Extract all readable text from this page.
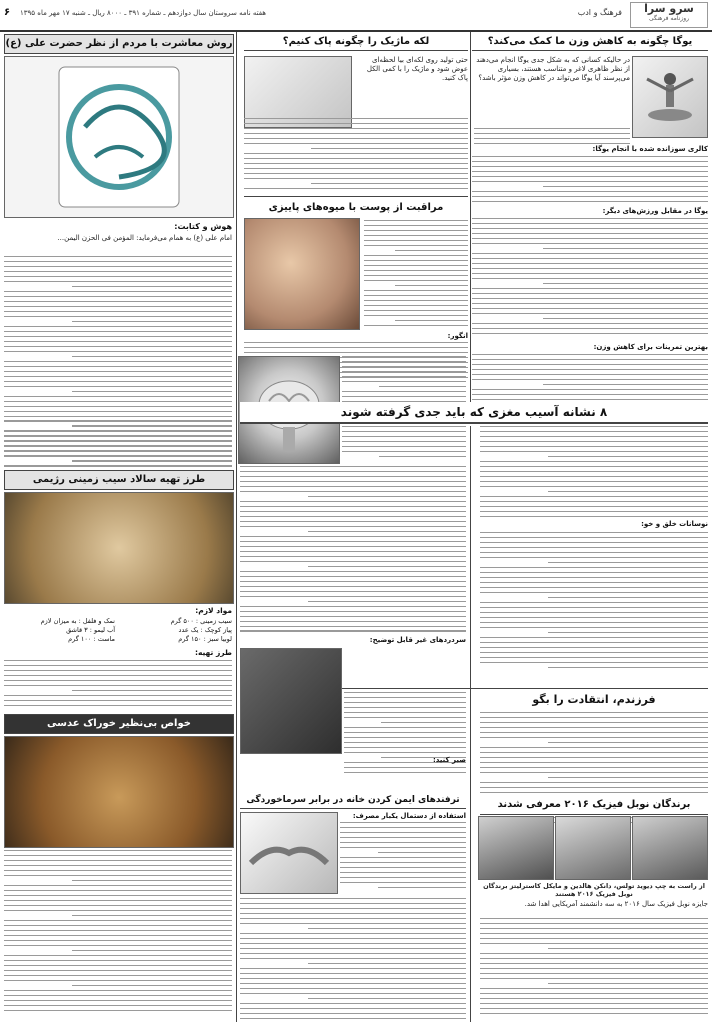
سرو سرا
روزنامه فرهنگی
فرهنگ و ادب
هفته نامه سروستان سال دوازدهم ـ شماره ۳۹۱ ـ ۸۰۰۰ ریال ـ شنبه ۱۷ مهر ماه ۱۳۹۵
۶
یوگا چگونه به کاهش وزن ما کمک می‌کند؟
در حالیکه کسانی که به شکل جدی یوگا انجام می‌دهند از نظر ظاهری لاغر و متناسب هستند، بسیاری می‌پرسند آیا یوگا می‌تواند در کاهش وزن مؤثر باشد؟
کالری سوزانده شده با انجام یوگا:
یوگا در مقابل ورزش‌های دیگر:
بهترین تمرینات برای کاهش وزن:
لکه ماژیک را چگونه پاک کنیم؟
حتی تولید روی لکه‌ای بیا لحظه‌ای عوض شود و ماژیک را با کمی الکل پاک کنید.
مراقبت از پوست با میوه‌های پاییزی
انگور:
روش معاشرت با مردم از نظر حضرت علی (ع)
هوش و کتابت:
امام علی (ع) به همام می‌فرماید: المؤمن فی الحزن الیمن...
طرز تهیه سالاد سیب زمینی رژیمی
مواد لازم:
سیب زمینی : ۵۰۰ گرم
پیاز کوچک : یک عدد
لوبیا سبز : ۱۵۰ گرم
نمک و فلفل : به میزان لازم
آب لیمو : ۳ قاشق
ماست : ۱۰۰ گرم
طرز تهیه:
خواص بی‌نظیر خوراک عدسی
۸ نشانه آسیب مغزی که باید جدی گرفته شوند
نوسانات خلق و خو:
سردردهای غیر قابل توضیح:
فرزندم، انتقادت را بگو
صبر کنید:
ترفندهای ایمن کردن خانه در برابر سرماخوردگی
استفاده از دستمال یکبار مصرف:
برندگان نوبل فیزیک ۲۰۱۶ معرفی شدند
از راست به چپ دیوید تولس، دانکن هالدین و مایکل کاسترلیتز برندگان نوبل فیزیک ۲۰۱۶ هستند
جایزه نوبل فیزیک سال ۲۰۱۶ به سه دانشمند آمریکایی اهدا شد.
